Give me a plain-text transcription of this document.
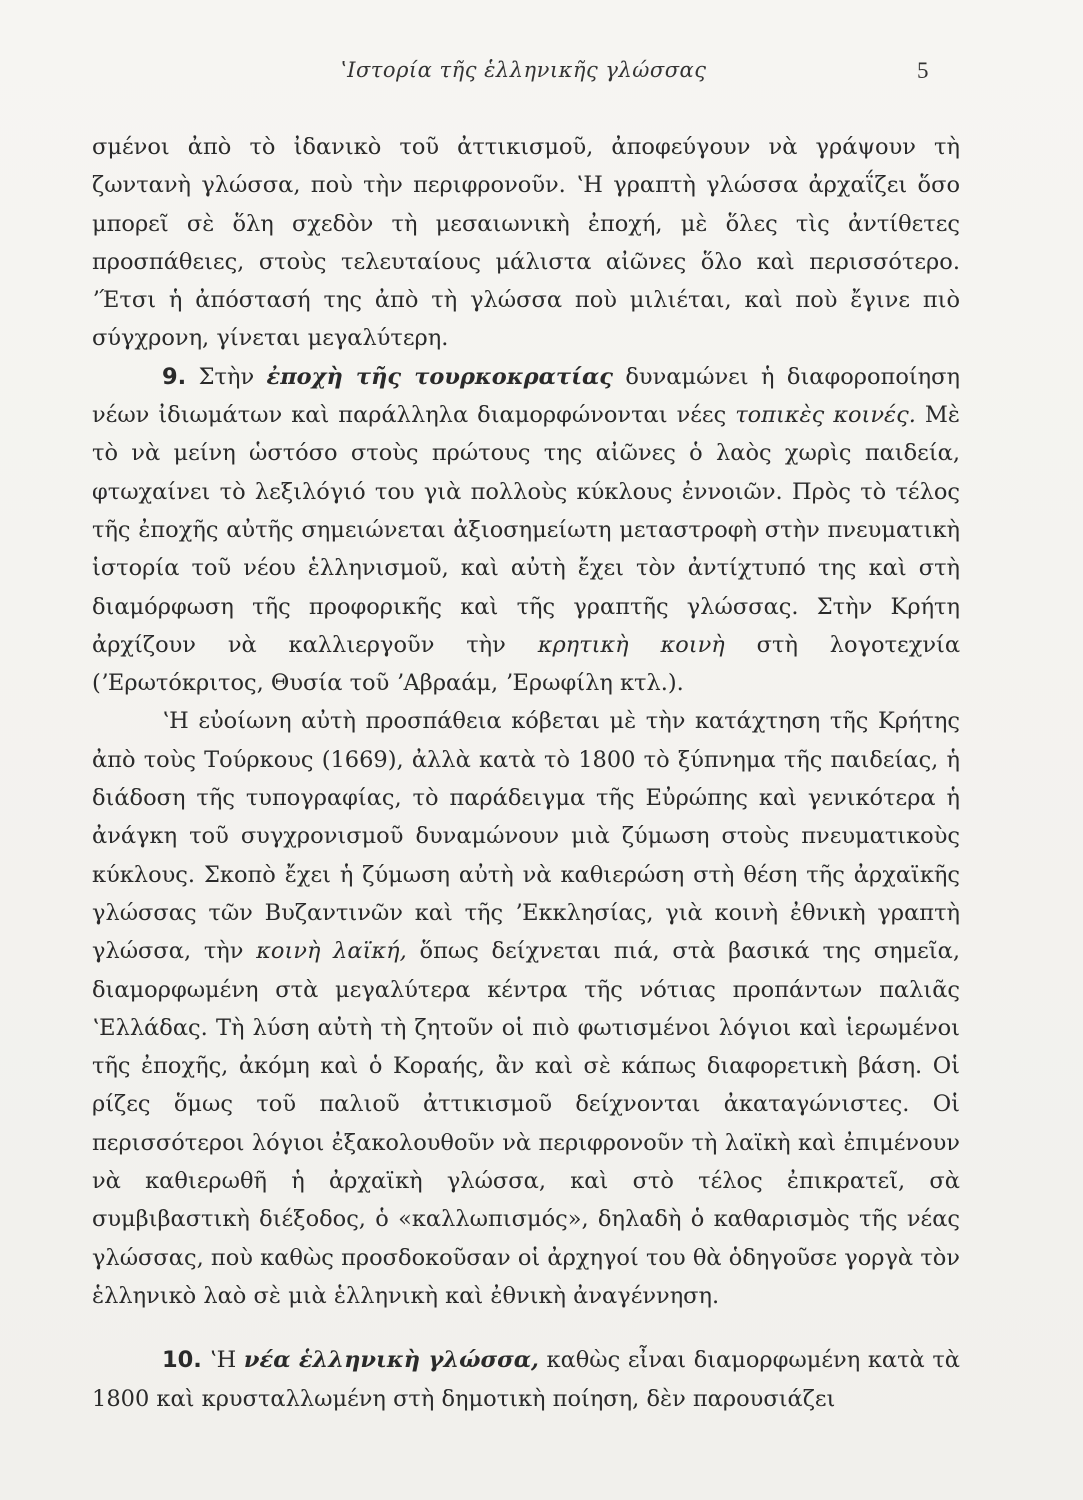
ʽΙστορία τῆς ἑλληνικῆς γλώσσας	5

σμένοι ἀπὸ τὸ ἰδανικὸ τοῦ ἀττικισμοῦ, ἀποφεύγουν νὰ γράψουν τὴ ζωντανὴ γλώσσα, ποὺ τὴν περιφρονοῦν. ʽΗ γραπτὴ γλώσσα ἀρχαΐζει ὅσο μπορεῖ σὲ ὅλη σχεδὸν τὴ μεσαιωνικὴ ἐποχή, μὲ ὅλες τὶς ἀντίθετες προσπάθειες, στοὺς τελευταίους μάλιστα αἰῶνες ὅλο καὶ περισσότερο. ʼΈτσι ἡ ἀπόστασή της ἀπὸ τὴ γλώσσα ποὺ μιλιέται, καὶ ποὺ ἔγινε πιὸ σύγχρονη, γίνεται μεγαλύτερη.

9. Στὴν ἐποχὴ τῆς τουρκοκρατίας δυναμώνει ἡ διαφοροποίηση νέων ἰδιωμάτων καὶ παράλληλα διαμορφώνονται νέες τοπικὲς κοινές. Μὲ τὸ νὰ μείνη ὡστόσο στοὺς πρώτους της αἰῶνες ὁ λαὸς χωρὶς παιδεία, φτωχαίνει τὸ λεξιλόγιό του γιὰ πολλοὺς κύκλους ἐννοιῶν. Πρὸς τὸ τέλος τῆς ἐποχῆς αὐτῆς σημειώνεται ἀξιοσημείωτη μεταστροφὴ στὴν πνευματικὴ ἱστορία τοῦ νέου ἑλληνισμοῦ, καὶ αὐτὴ ἔχει τὸν ἀντίχτυπό της καὶ στὴ διαμόρφωση τῆς προφορικῆς καὶ τῆς γραπτῆς γλώσσας. Στὴν Κρήτη ἀρχίζουν νὰ καλλιεργοῦν τὴν κρητικὴ κοινὴ στὴ λογοτεχνία (ʼΕρωτόκριτος, Θυσία τοῦ ʼΑβραάμ, ʼΕρωφίλη κτλ.).

ʽΗ εὐοίωνη αὐτὴ προσπάθεια κόβεται μὲ τὴν κατάχτηση τῆς Κρήτης ἀπὸ τοὺς Τούρκους (1669), ἀλλὰ κατὰ τὸ 1800 τὸ ξύπνημα τῆς παιδείας, ἡ διάδοση τῆς τυπογραφίας, τὸ παράδειγμα τῆς Εὐρώπης καὶ γενικότερα ἡ ἀνάγκη τοῦ συγχρονισμοῦ δυναμώνουν μιὰ ζύμωση στοὺς πνευματικοὺς κύκλους. Σκοπὸ ἔχει ἡ ζύμωση αὐτὴ νὰ καθιερώση στὴ θέση τῆς ἀρχαϊκῆς γλώσσας τῶν Βυζαντινῶν καὶ τῆς ʼΕκκλησίας, γιὰ κοινὴ ἐθνικὴ γραπτὴ γλώσσα, τὴν κοινὴ λαϊκή, ὅπως δείχνεται πιά, στὰ βασικά της σημεῖα, διαμορφωμένη στὰ μεγαλύτερα κέντρα τῆς νότιας προπάντων παλιᾶς ʽΕλλάδας. Τὴ λύση αὐτὴ τὴ ζητοῦν οἱ πιὸ φωτισμένοι λόγιοι καὶ ἱερωμένοι τῆς ἐποχῆς, ἀκόμη καὶ ὁ Κοραής, ἂν καὶ σὲ κάπως διαφορετικὴ βάση. Οἱ ρίζες ὅμως τοῦ παλιοῦ ἀττικισμοῦ δείχνονται ἀκαταγώνιστες. Οἱ περισσότεροι λόγιοι ἐξακολουθοῦν νὰ περιφρονοῦν τὴ λαϊκὴ καὶ ἐπιμένουν νὰ καθιερωθῆ ἡ ἀρχαϊκὴ γλώσσα, καὶ στὸ τέλος ἐπικρατεῖ, σὰ συμβιβαστικὴ διέξοδος, ὁ «καλλωπισμός», δηλαδὴ ὁ καθαρισμὸς τῆς νέας γλώσσας, ποὺ καθὼς προσδοκοῦσαν οἱ ἀρχηγοί του θὰ ὁδηγοῦσε γοργὰ τὸν ἑλληνικὸ λαὸ σὲ μιὰ ἑλληνικὴ καὶ ἐθνικὴ ἀναγέννηση.

10. ʽΗ νέα ἑλληνικὴ γλώσσα, καθὼς εἶναι διαμορφωμένη κατὰ τὰ 1800 καὶ κρυσταλλωμένη στὴ δημοτικὴ ποίηση, δὲν παρουσιάζει
